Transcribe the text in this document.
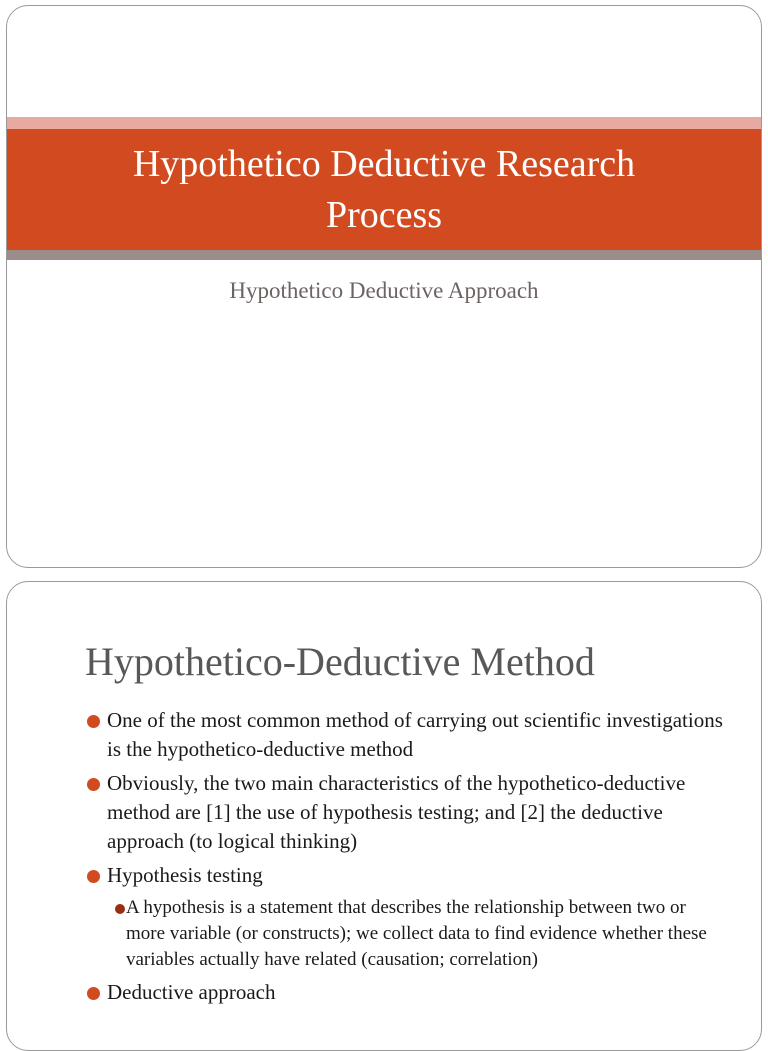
Hypothetico Deductive Research Process

Hypothetico Deductive Approach

Hypothetico-Deductive Method
One of the most common method of carrying out scientific investigations is the hypothetico-deductive method
Obviously, the two main characteristics of the hypothetico-deductive method are [1] the use of hypothesis testing; and [2] the deductive approach (to logical thinking)
Hypothesis testing
A hypothesis is a statement that describes the relationship between two or more variable (or constructs); we collect data to find evidence whether these variables actually have related (causation; correlation)
Deductive approach
